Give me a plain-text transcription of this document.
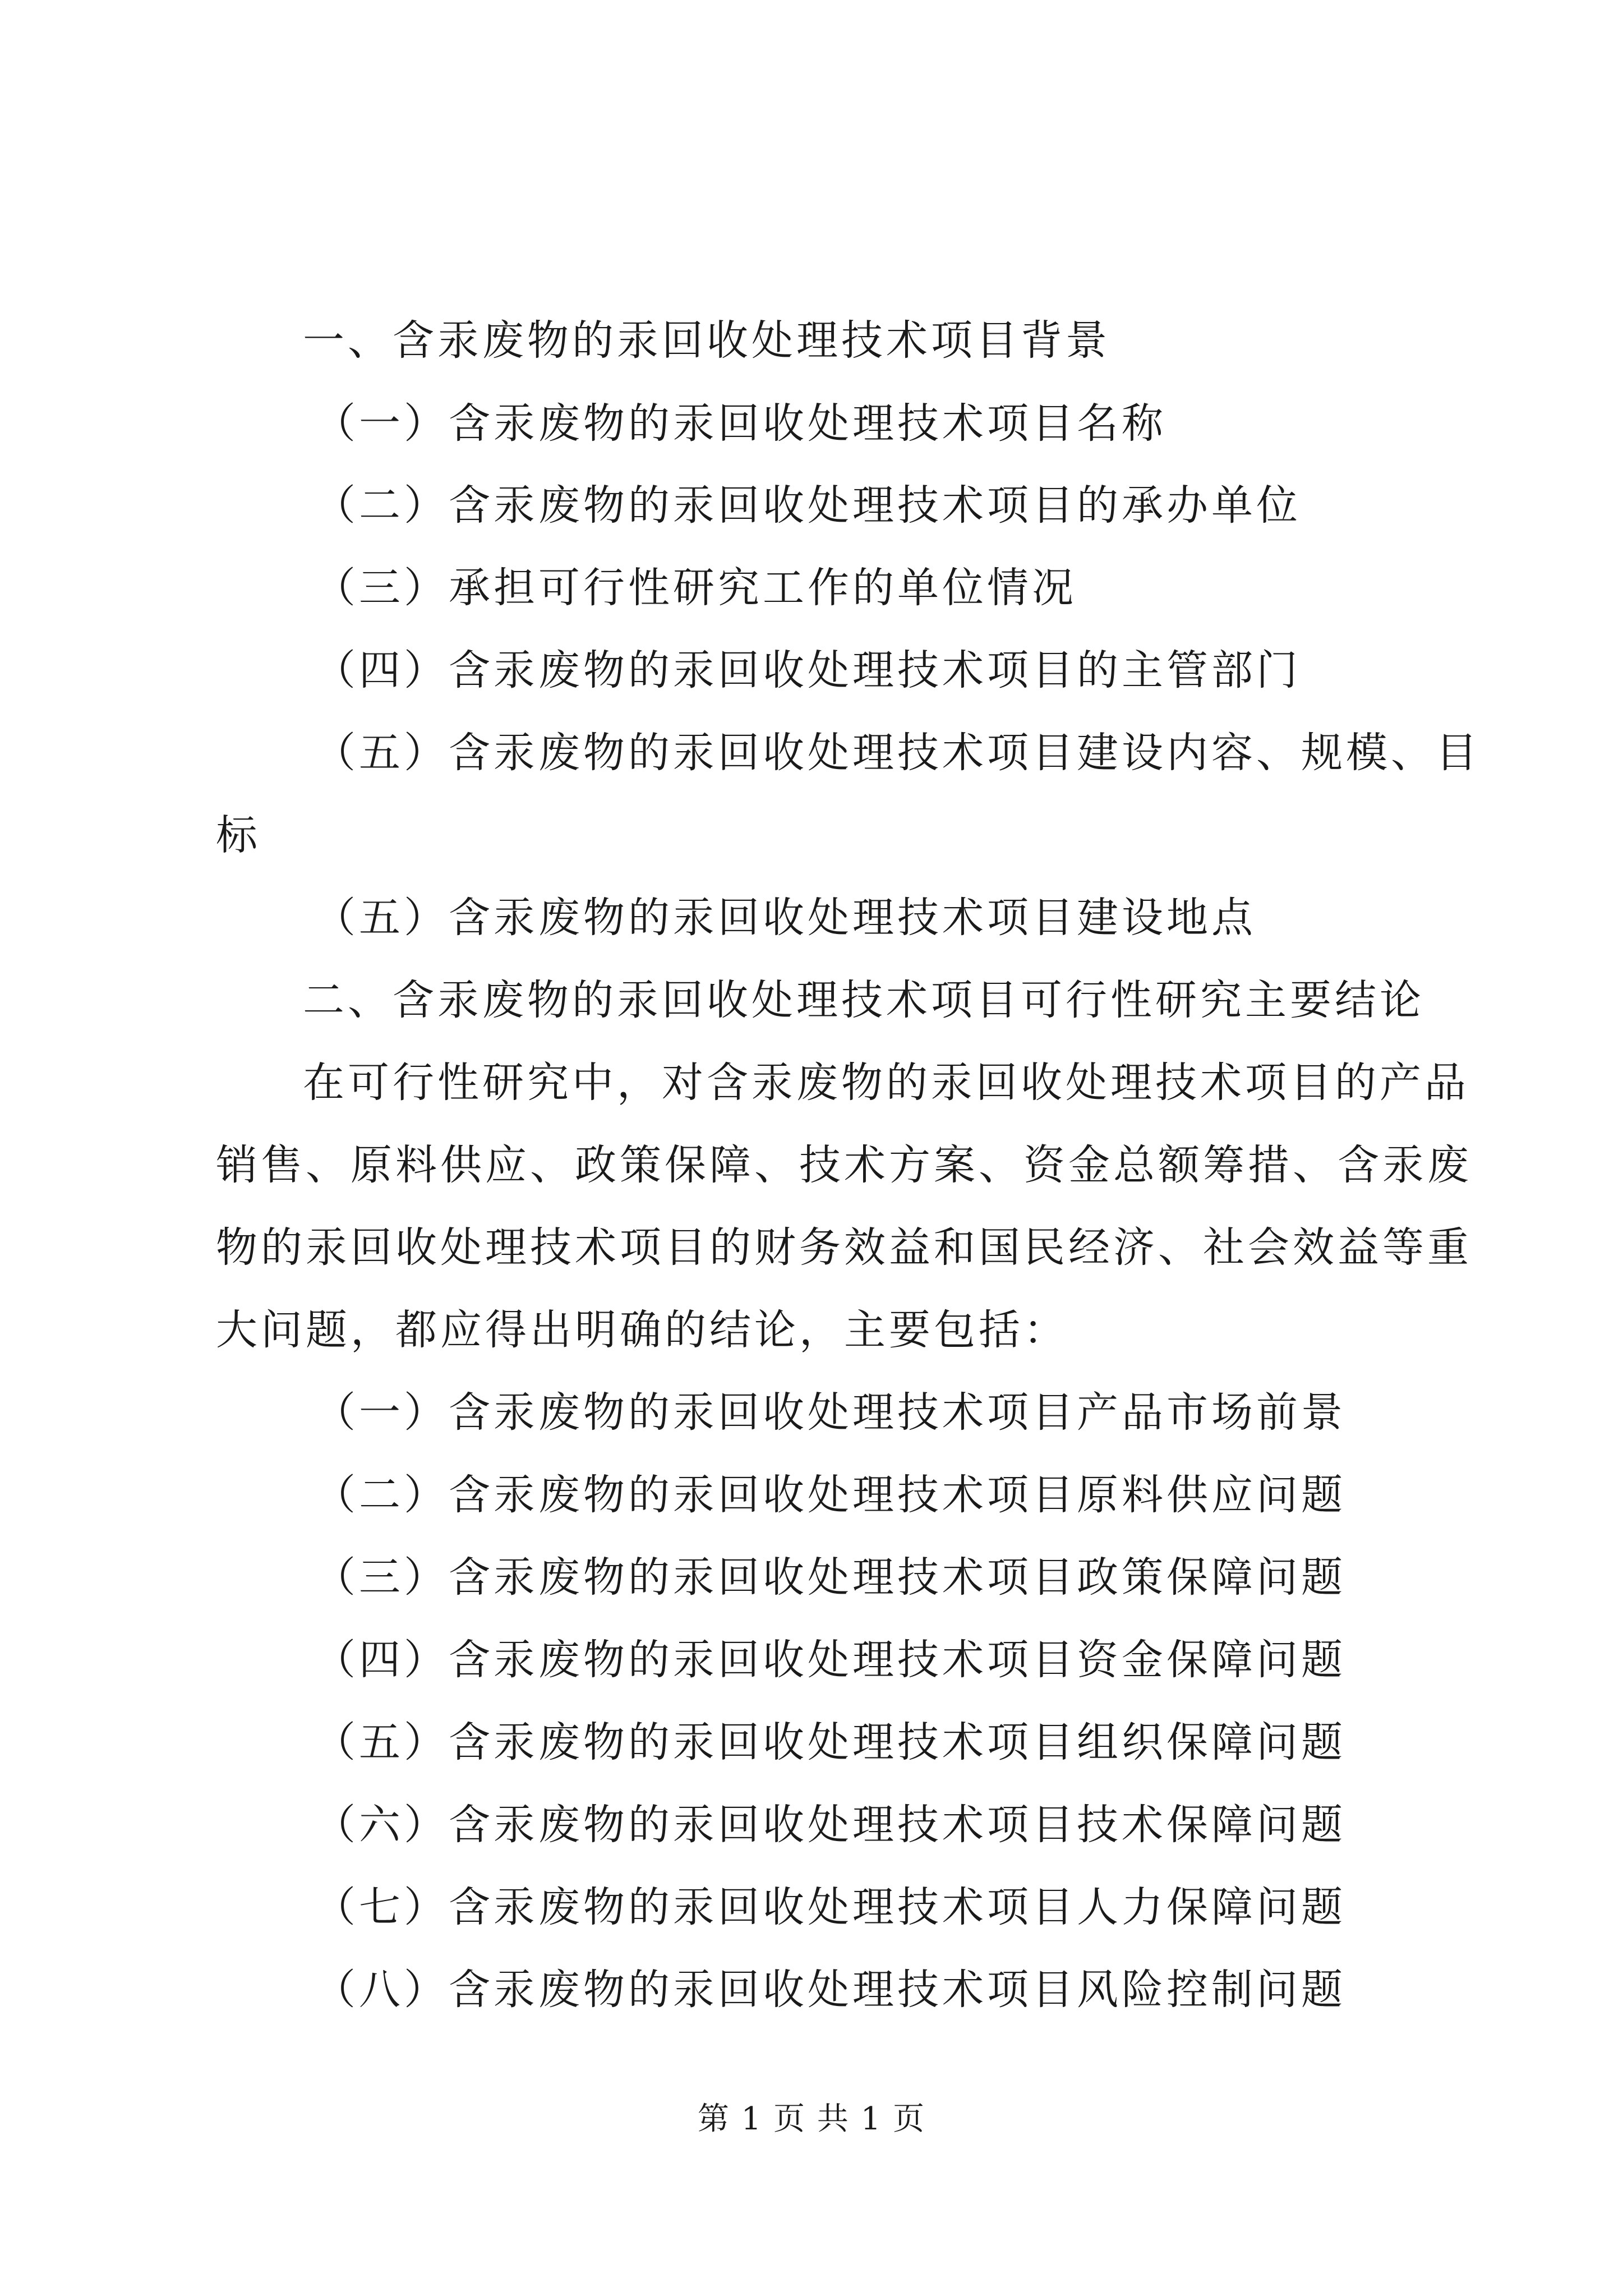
一、含汞废物的汞回收处理技术项目背景
（一）含汞废物的汞回收处理技术项目名称
（二）含汞废物的汞回收处理技术项目的承办单位
（三）承担可行性研究工作的单位情况
（四）含汞废物的汞回收处理技术项目的主管部门
（五）含汞废物的汞回收处理技术项目建设内容、规模、目
标
（五）含汞废物的汞回收处理技术项目建设地点
二、含汞废物的汞回收处理技术项目可行性研究主要结论
在可行性研究中，对含汞废物的汞回收处理技术项目的产品
销售、原料供应、政策保障、技术方案、资金总额筹措、含汞废
物的汞回收处理技术项目的财务效益和国民经济、社会效益等重
大问题，都应得出明确的结论，主要包括：
（一）含汞废物的汞回收处理技术项目产品市场前景
（二）含汞废物的汞回收处理技术项目原料供应问题
（三）含汞废物的汞回收处理技术项目政策保障问题
（四）含汞废物的汞回收处理技术项目资金保障问题
（五）含汞废物的汞回收处理技术项目组织保障问题
（六）含汞废物的汞回收处理技术项目技术保障问题
（七）含汞废物的汞回收处理技术项目人力保障问题
（八）含汞废物的汞回收处理技术项目风险控制问题
第 1 页 共 1 页
